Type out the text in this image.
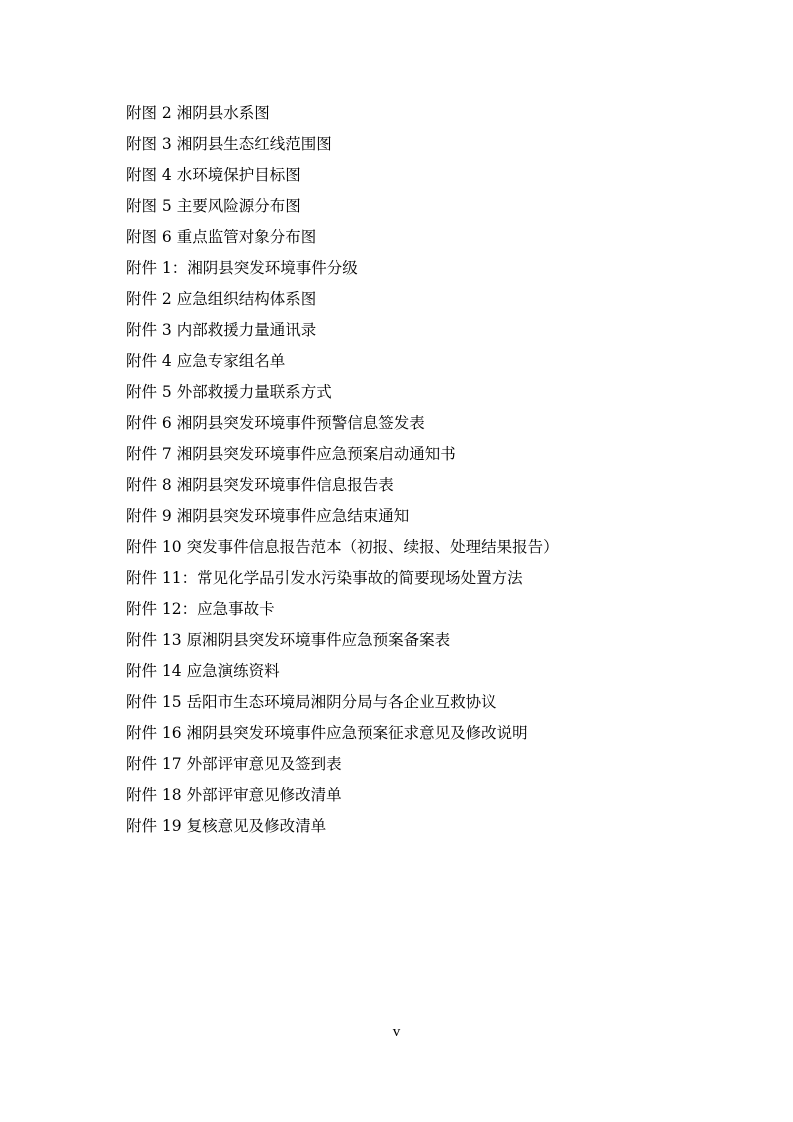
附图 2 湘阴县水系图
附图 3 湘阴县生态红线范围图
附图 4 水环境保护目标图
附图 5 主要风险源分布图
附图 6 重点监管对象分布图
附件 1：湘阴县突发环境事件分级
附件 2 应急组织结构体系图
附件 3 内部救援力量通讯录
附件 4 应急专家组名单
附件 5 外部救援力量联系方式
附件 6 湘阴县突发环境事件预警信息签发表
附件 7 湘阴县突发环境事件应急预案启动通知书
附件 8 湘阴县突发环境事件信息报告表
附件 9 湘阴县突发环境事件应急结束通知
附件 10 突发事件信息报告范本（初报、续报、处理结果报告）
附件 11：常见化学品引发水污染事故的简要现场处置方法
附件 12：应急事故卡
附件 13 原湘阴县突发环境事件应急预案备案表
附件 14 应急演练资料
附件 15 岳阳市生态环境局湘阴分局与各企业互救协议
附件 16 湘阴县突发环境事件应急预案征求意见及修改说明
附件 17 外部评审意见及签到表
附件 18 外部评审意见修改清单
附件 19 复核意见及修改清单
v
